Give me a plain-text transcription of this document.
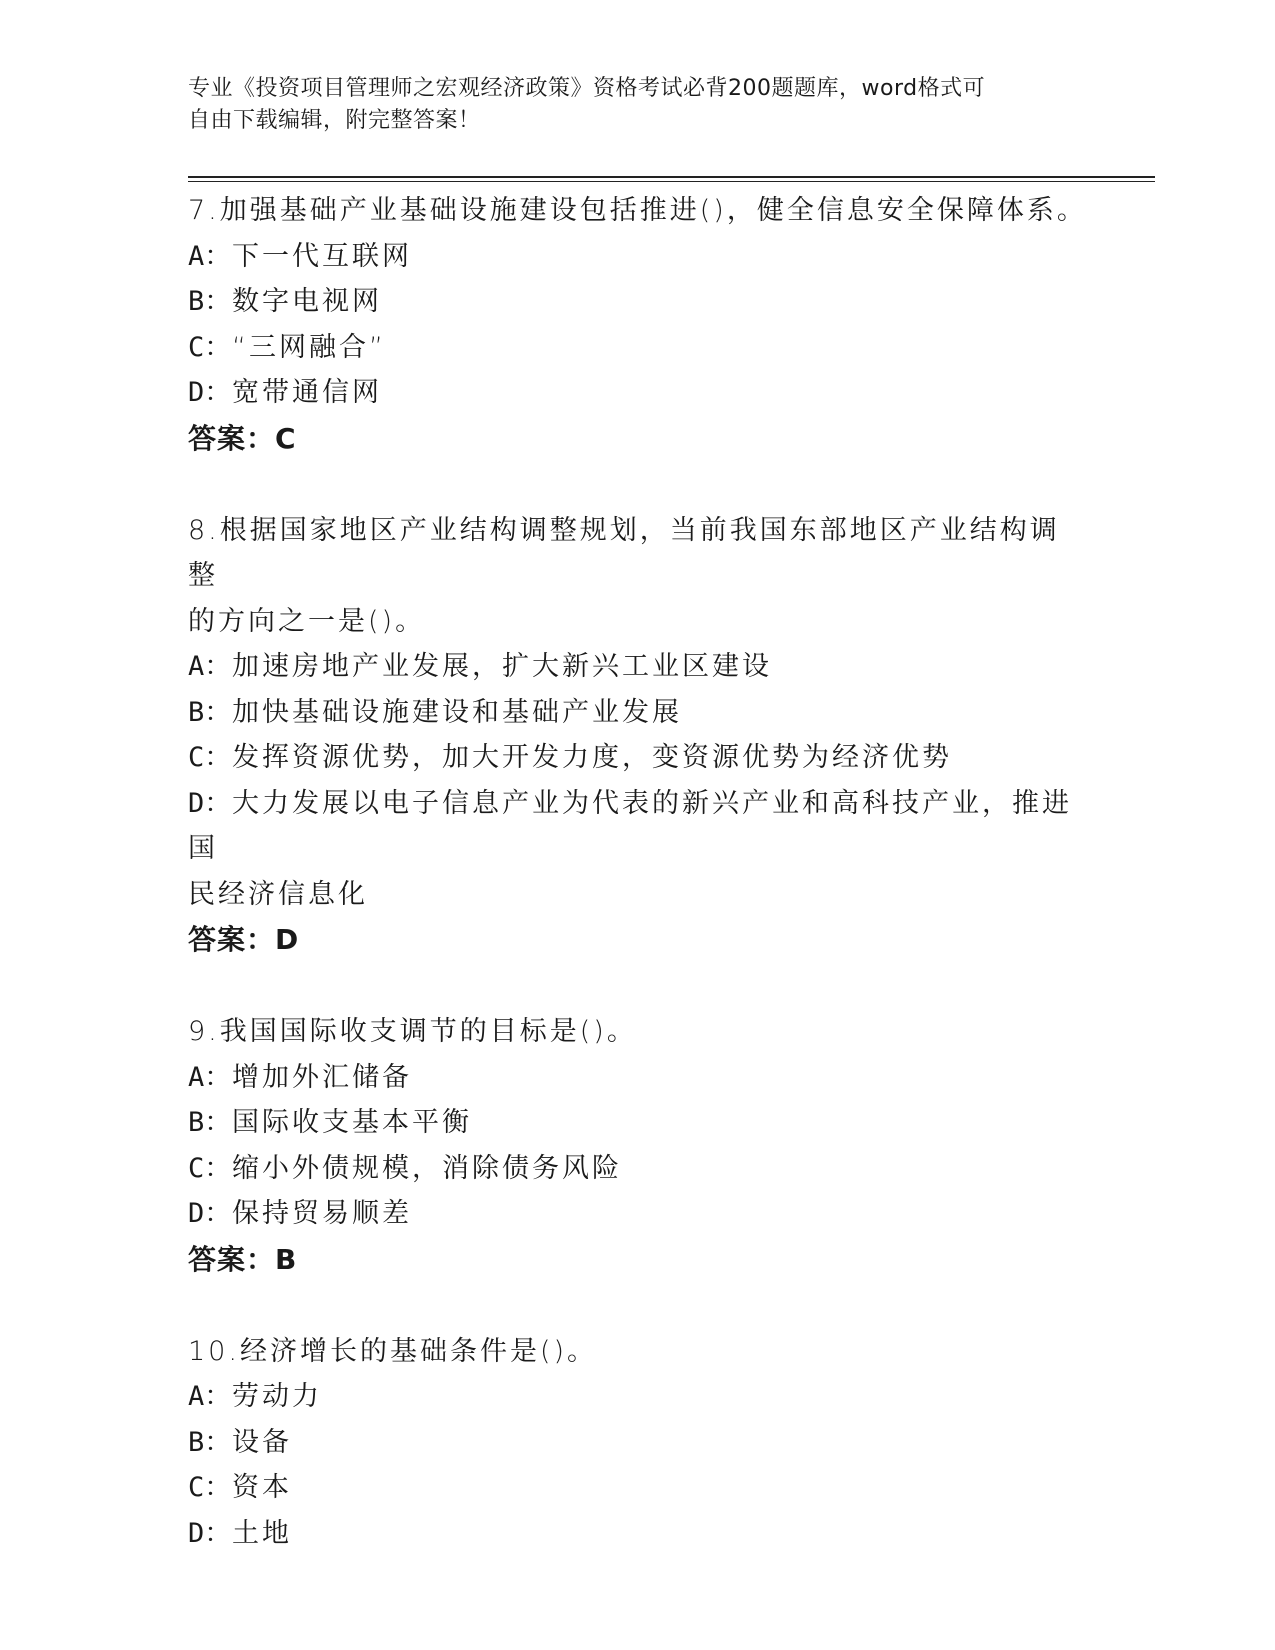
专业《投资项目管理师之宏观经济政策》资格考试必背200题题库，word格式可
自由下载编辑，附完整答案！
7.加强基础产业基础设施建设包括推进()，健全信息安全保障体系。
A：下一代互联网
B：数字电视网
C：“三网融合”
D：宽带通信网
答案：C
8.根据国家地区产业结构调整规划，当前我国东部地区产业结构调整
的方向之一是()。
A：加速房地产业发展，扩大新兴工业区建设
B：加快基础设施建设和基础产业发展
C：发挥资源优势，加大开发力度，变资源优势为经济优势
D：大力发展以电子信息产业为代表的新兴产业和高科技产业，推进国
民经济信息化
答案：D
9.我国国际收支调节的目标是()。
A：增加外汇储备
B：国际收支基本平衡
C：缩小外债规模，消除债务风险
D：保持贸易顺差
答案：B
10.经济增长的基础条件是()。
A：劳动力
B：设备
C：资本
D：土地
